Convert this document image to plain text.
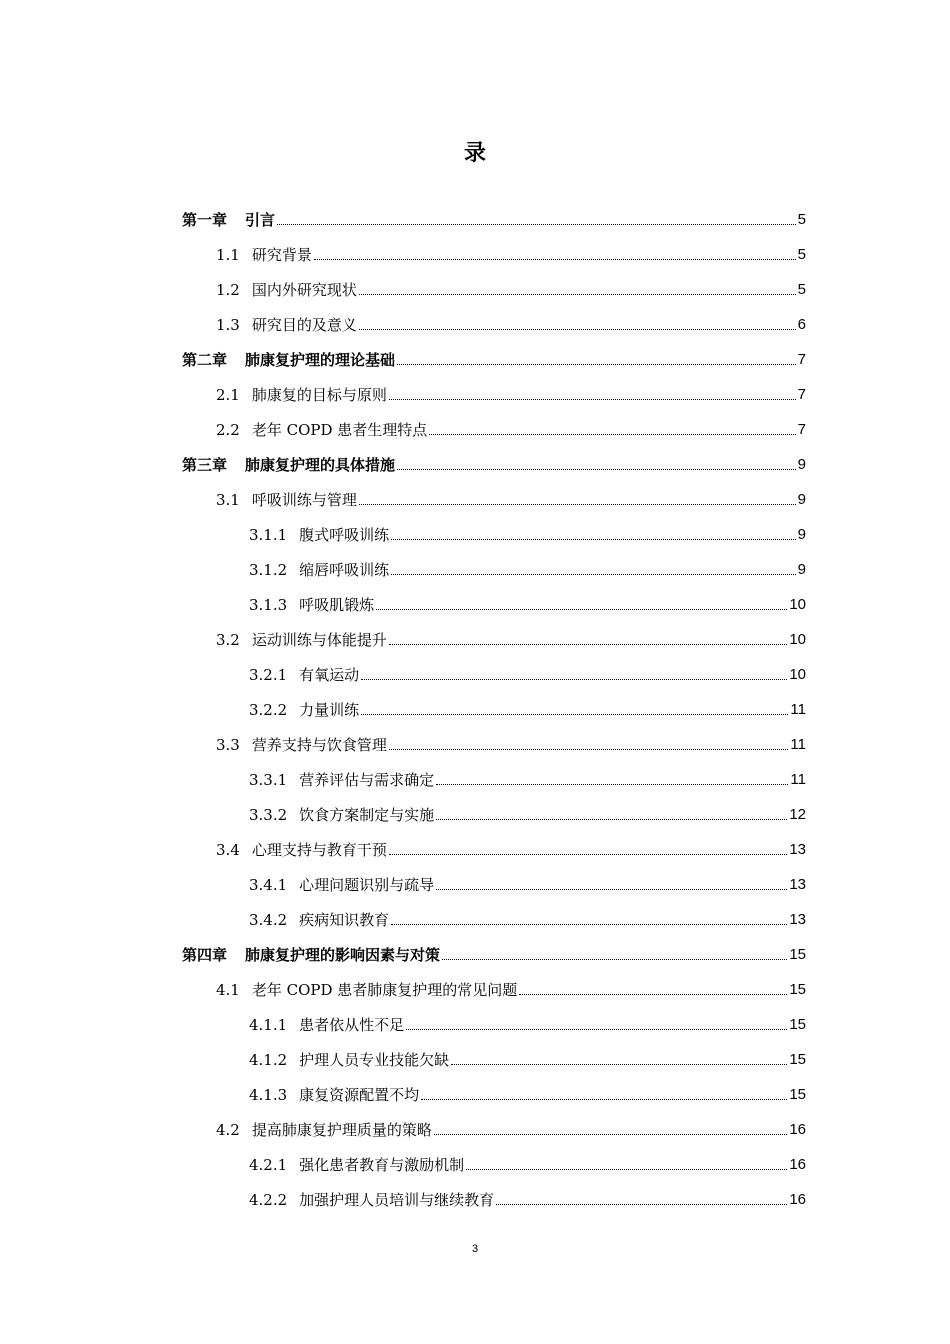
录
第一章 引言	5
1.1 研究背景	5
1.2 国内外研究现状	5
1.3 研究目的及意义	6
第二章 肺康复护理的理论基础	7
2.1 肺康复的目标与原则	7
2.2 老年 COPD 患者生理特点	7
第三章 肺康复护理的具体措施	9
3.1 呼吸训练与管理	9
3.1.1 腹式呼吸训练	9
3.1.2 缩唇呼吸训练	9
3.1.3 呼吸肌锻炼	10
3.2 运动训练与体能提升	10
3.2.1 有氧运动	10
3.2.2 力量训练	11
3.3 营养支持与饮食管理	11
3.3.1 营养评估与需求确定	11
3.3.2 饮食方案制定与实施	12
3.4 心理支持与教育干预	13
3.4.1 心理问题识别与疏导	13
3.4.2 疾病知识教育	13
第四章 肺康复护理的影响因素与对策	15
4.1 老年 COPD 患者肺康复护理的常见问题	15
4.1.1 患者依从性不足	15
4.1.2 护理人员专业技能欠缺	15
4.1.3 康复资源配置不均	15
4.2 提高肺康复护理质量的策略	16
4.2.1 强化患者教育与激励机制	16
4.2.2 加强护理人员培训与继续教育	16
3
